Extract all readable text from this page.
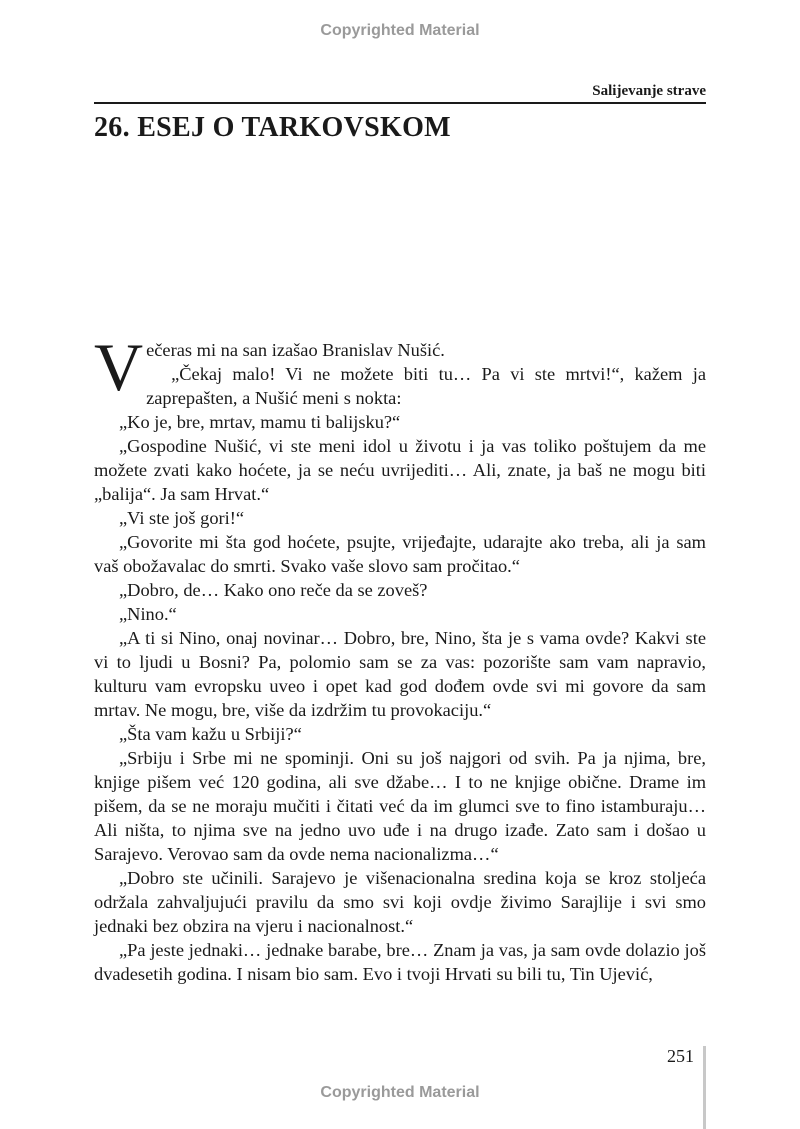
Copyrighted Material
Salijevanje strave
26. ESEJ O TARKOVSKOM

Večeras mi na san izašao Branislav Nušić.

„Čekaj malo! Vi ne možete biti tu… Pa vi ste mrtvi!“, kažem ja zaprepašten, a Nušić meni s nokta:

„Ko je, bre, mrtav, mamu ti balijsku?“

„Gospodine Nušić, vi ste meni idol u životu i ja vas toliko poštujem da me možete zvati kako hoćete, ja se neću uvrijediti… Ali, znate, ja baš ne mogu biti „balija“. Ja sam Hrvat.“

„Vi ste još gori!“

„Govorite mi šta god hoćete, psujte, vrijeđajte, udarajte ako treba, ali ja sam vaš obožavalac do smrti. Svako vaše slovo sam pročitao.“

„Dobro, de… Kako ono reče da se zoveš?

„Nino.“

„A ti si Nino, onaj novinar… Dobro, bre, Nino, šta je s vama ovde? Kakvi ste vi to ljudi u Bosni? Pa, polomio sam se za vas: pozorište sam vam napravio, kulturu vam evropsku uveo i opet kad god dođem ovde svi mi govore da sam mrtav. Ne mogu, bre, više da izdržim tu provokaciju.“

„Šta vam kažu u Srbiji?“

„Srbiju i Srbe mi ne spominji. Oni su još najgori od svih. Pa ja njima, bre, knjige pišem već 120 godina, ali sve džabe… I to ne knjige obične. Drame im pišem, da se ne moraju mučiti i čitati već da im glumci sve to fino istamburaju… Ali ništa, to njima sve na jedno uvo uđe i na drugo izađe. Zato sam i došao u Sarajevo. Verovao sam da ovde nema nacionalizma…“

„Dobro ste učinili. Sarajevo je višenacionalna sredina koja se kroz stoljeća održala zahvaljujući pravilu da smo svi koji ovdje živimo Sarajlije i svi smo jednaki bez obzira na vjeru i nacionalnost.“

„Pa jeste jednaki… jednake barabe, bre… Znam ja vas, ja sam ovde dolazio još dvadesetih godina. I nisam bio sam. Evo i tvoji Hrvati su bili tu, Tin Ujević,

251
Copyrighted Material
